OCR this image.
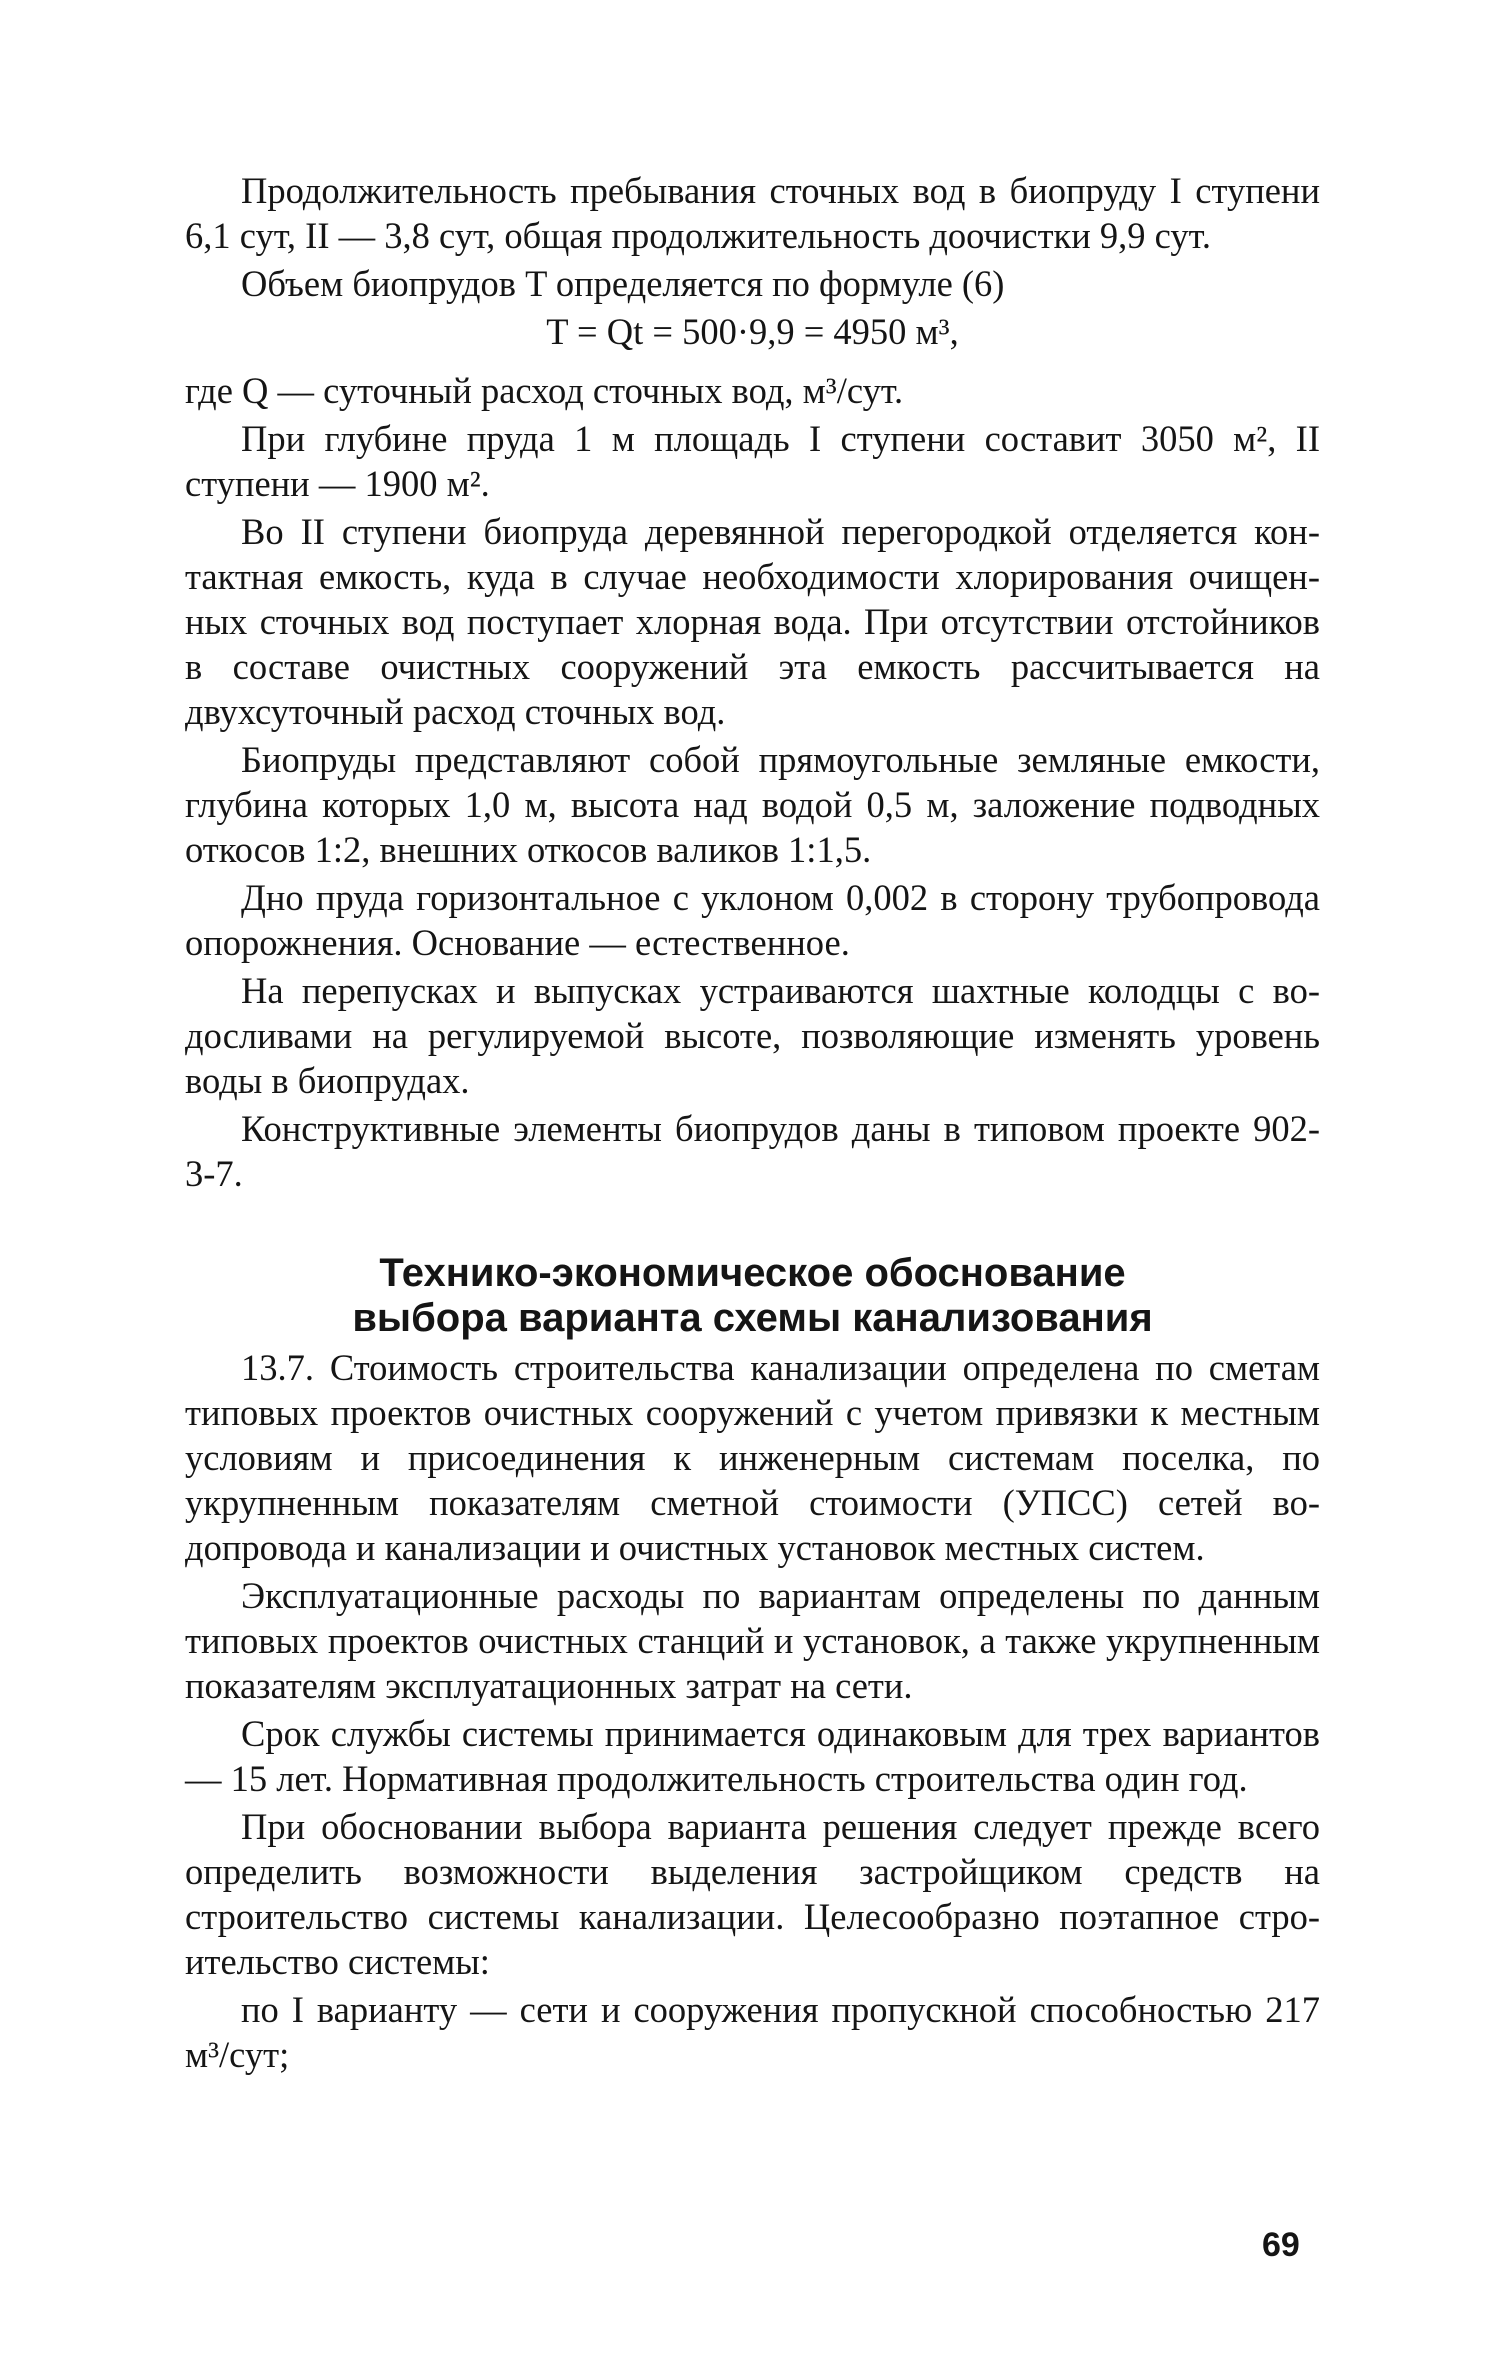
Продолжительность пребывания сточных вод в биопруду I ступени 6,1 сут, II — 3,8 сут, общая продолжительность доочистки 9,9 сут.

Объем биопрудов T определяется по формуле (6)

T = Qt = 500·9,9 = 4950 м³,

где Q — суточный расход сточных вод, м³/сут.

При глубине пруда 1 м площадь I ступени составит 3050 м², II ступени — 1900 м².

Во II ступени биопруда деревянной перегородкой отделяется контактная емкость, куда в случае необходимости хлорирования очищенных сточных вод поступает хлорная вода. При отсутствии отстойников в составе очистных сооружений эта емкость рассчитывается на двухсуточный расход сточных вод.

Биопруды представляют собой прямоугольные земляные емкости, глубина которых 1,0 м, высота над водой 0,5 м, заложение подводных откосов 1:2, внешних откосов валиков 1:1,5.

Дно пруда горизонтальное с уклоном 0,002 в сторону трубопровода опорожнения. Основание — естественное.

На перепусках и выпусках устраиваются шахтные колодцы с водосливами на регулируемой высоте, позволяющие изменять уровень воды в биопрудах.

Конструктивные элементы биопрудов даны в типовом проекте 902-3-7.

Технико-экономическое обоснование
выбора варианта схемы канализования

13.7. Стоимость строительства канализации определена по сметам типовых проектов очистных сооружений с учетом привязки к местным условиям и присоединения к инженерным системам поселка, по укрупненным показателям сметной стоимости (УПСС) сетей водопровода и канализации и очистных установок местных систем.

Эксплуатационные расходы по вариантам определены по данным типовых проектов очистных станций и установок, а также укрупненным показателям эксплуатационных затрат на сети.

Срок службы системы принимается одинаковым для трех вариантов — 15 лет. Нормативная продолжительность строительства один год.

При обосновании выбора варианта решения следует прежде всего определить возможности выделения застройщиком средств на строительство системы канализации. Целесообразно поэтапное строительство системы:

по I варианту — сети и сооружения пропускной способностью 217 м³/сут;

69
